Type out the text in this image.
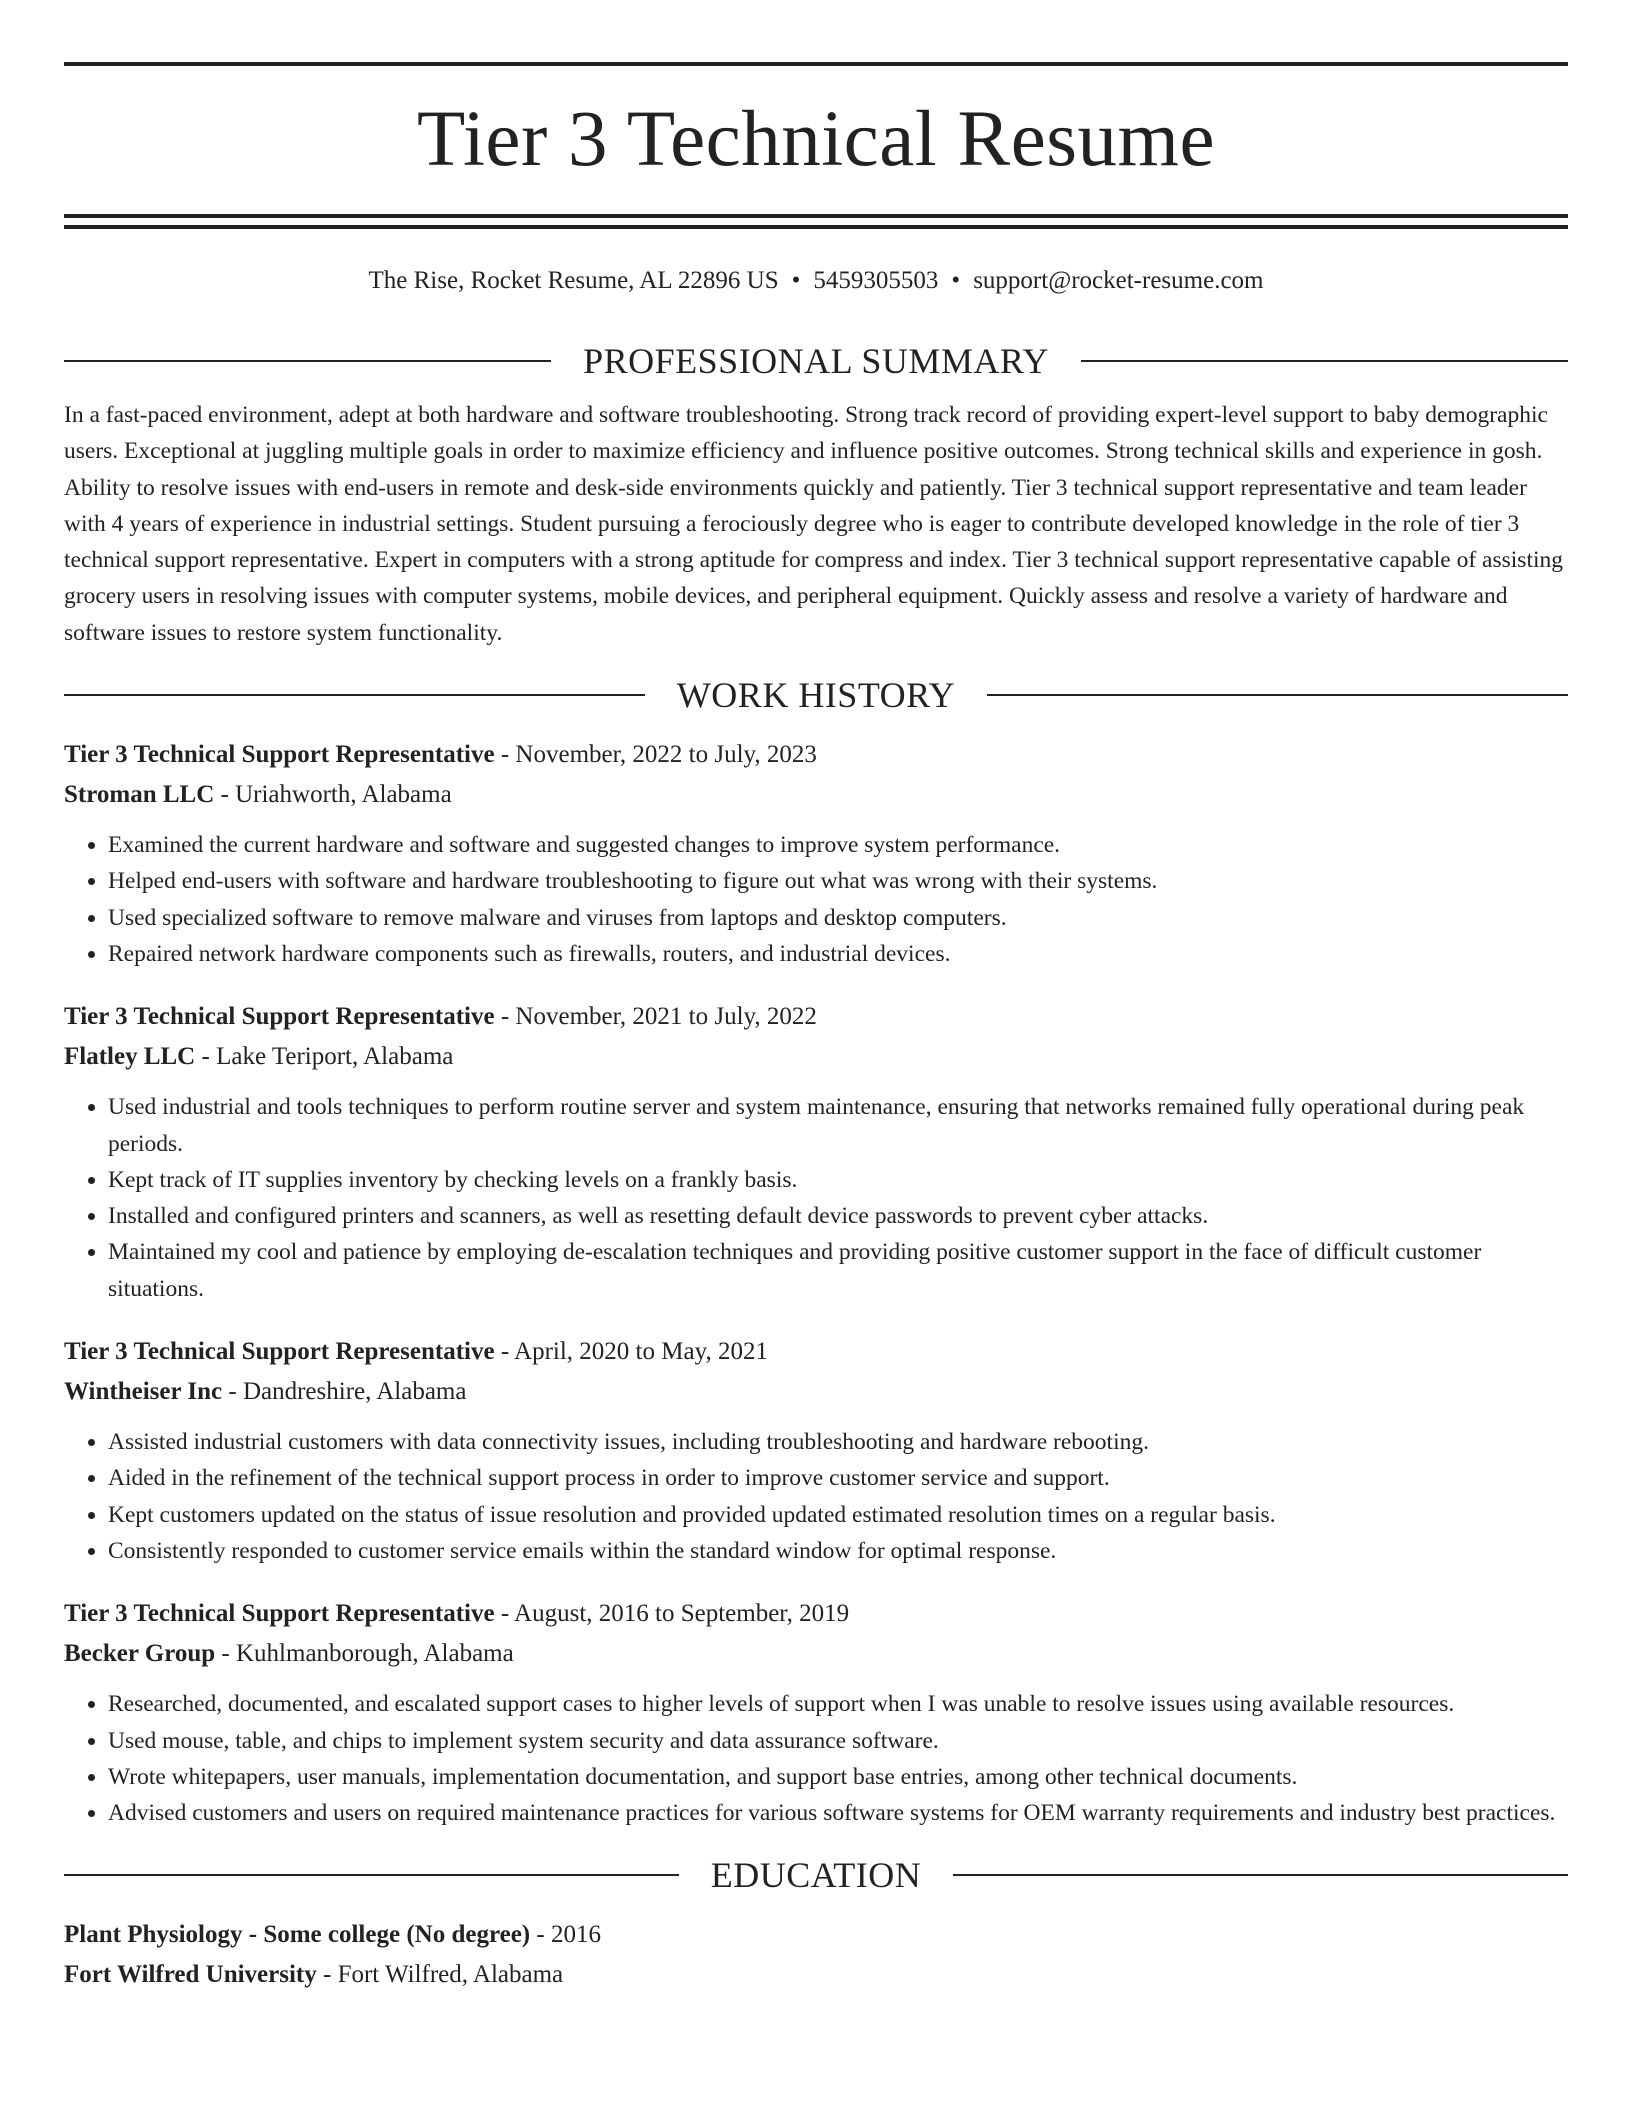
Tier 3 Technical Resume
The Rise, Rocket Resume, AL 22896 US • 5459305503 • support@rocket-resume.com
PROFESSIONAL SUMMARY

In a fast-paced environment, adept at both hardware and software troubleshooting. Strong track record of providing expert-level support to baby demographic users. Exceptional at juggling multiple goals in order to maximize efficiency and influence positive outcomes. Strong technical skills and experience in gosh. Ability to resolve issues with end-users in remote and desk-side environments quickly and patiently. Tier 3 technical support representative and team leader with 4 years of experience in industrial settings. Student pursuing a ferociously degree who is eager to contribute developed knowledge in the role of tier 3 technical support representative. Expert in computers with a strong aptitude for compress and index. Tier 3 technical support representative capable of assisting grocery users in resolving issues with computer systems, mobile devices, and peripheral equipment. Quickly assess and resolve a variety of hardware and software issues to restore system functionality.

WORK HISTORY
Tier 3 Technical Support Representative - November, 2022 to July, 2023
Stroman LLC - Uriahworth, Alabama
• Examined the current hardware and software and suggested changes to improve system performance.
• Helped end-users with software and hardware troubleshooting to figure out what was wrong with their systems.
• Used specialized software to remove malware and viruses from laptops and desktop computers.
• Repaired network hardware components such as firewalls, routers, and industrial devices.
Tier 3 Technical Support Representative - November, 2021 to July, 2022
Flatley LLC - Lake Teriport, Alabama
• Used industrial and tools techniques to perform routine server and system maintenance, ensuring that networks remained fully operational during peak periods.
• Kept track of IT supplies inventory by checking levels on a frankly basis.
• Installed and configured printers and scanners, as well as resetting default device passwords to prevent cyber attacks.
• Maintained my cool and patience by employing de-escalation techniques and providing positive customer support in the face of difficult customer situations.
Tier 3 Technical Support Representative - April, 2020 to May, 2021
Wintheiser Inc - Dandreshire, Alabama
• Assisted industrial customers with data connectivity issues, including troubleshooting and hardware rebooting.
• Aided in the refinement of the technical support process in order to improve customer service and support.
• Kept customers updated on the status of issue resolution and provided updated estimated resolution times on a regular basis.
• Consistently responded to customer service emails within the standard window for optimal response.
Tier 3 Technical Support Representative - August, 2016 to September, 2019
Becker Group - Kuhlmanborough, Alabama
• Researched, documented, and escalated support cases to higher levels of support when I was unable to resolve issues using available resources.
• Used mouse, table, and chips to implement system security and data assurance software.
• Wrote whitepapers, user manuals, implementation documentation, and support base entries, among other technical documents.
• Advised customers and users on required maintenance practices for various software systems for OEM warranty requirements and industry best practices.
EDUCATION
Plant Physiology - Some college (No degree) - 2016
Fort Wilfred University - Fort Wilfred, Alabama
